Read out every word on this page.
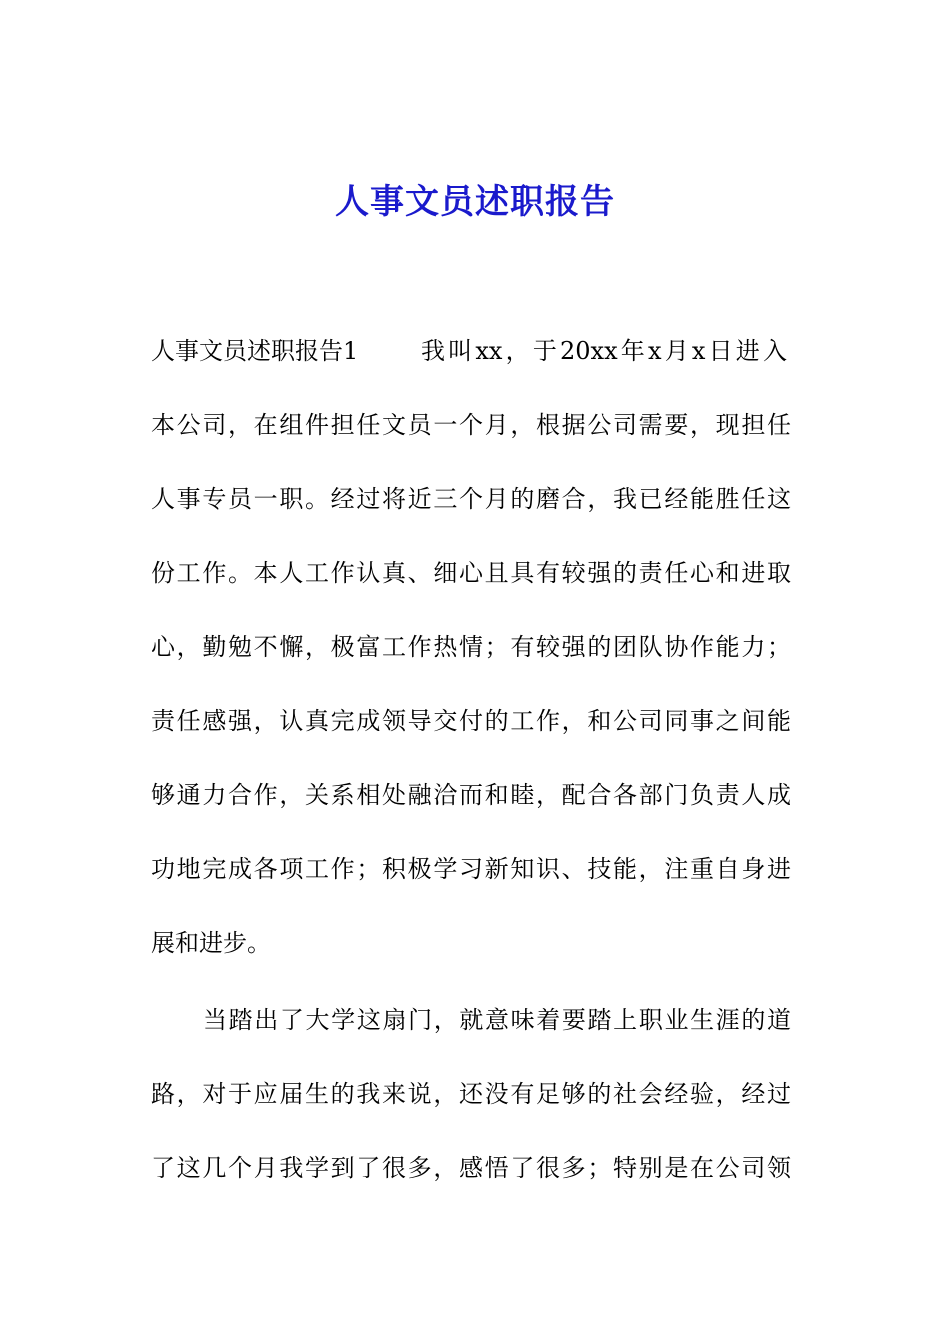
人事文员述职报告
人事文员述职报告1	我叫xx，于20xx年x月x日进入
本公司，在组件担任文员一个月，根据公司需要，现担任
人事专员一职。经过将近三个月的磨合，我已经能胜任这
份工作。本人工作认真、细心且具有较强的责任心和进取
心，勤勉不懈，极富工作热情；有较强的团队协作能力；
责任感强，认真完成领导交付的工作，和公司同事之间能
够通力合作，关系相处融洽而和睦，配合各部门负责人成
功地完成各项工作；积极学习新知识、技能，注重自身进
展和进步。
当踏出了大学这扇门，就意味着要踏上职业生涯的道
路，对于应届生的我来说，还没有足够的社会经验，经过
了这几个月我学到了很多，感悟了很多；特别是在公司领
